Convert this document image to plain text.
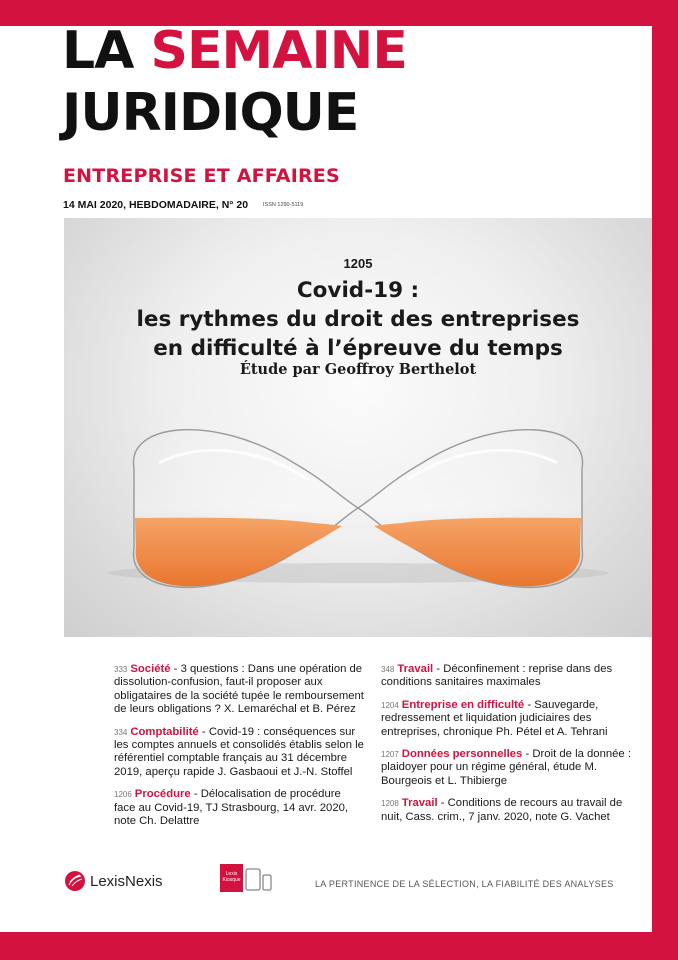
LA SEMAINE
JURIDIQUE
ENTREPRISE ET AFFAIRES
14 MAI 2020, HEBDOMADAIRE, N° 20	ISSN 1290-5119
1205
Covid-19 :
les rythmes du droit des entreprises
en difficulté à l’épreuve du temps
Étude par Geoffroy Berthelot
333 Société - 3 questions : Dans une opération de dissolution-confusion, faut-il proposer aux obligataires de la société tupée le remboursement de leurs obligations ? X. Lemaréchal et B. Pérez
334 Comptabilité - Covid-19 : conséquences sur les comptes annuels et consolidés établis selon le référentiel comptable français au 31 décembre 2019, aperçu rapide J. Gasbaoui et J.-N. Stoffel
1206 Procédure - Délocalisation de procédure face au Covid-19, TJ Strasbourg, 14 avr. 2020, note Ch. Delattre
348 Travail - Déconfinement : reprise dans des conditions sanitaires maximales
1204 Entreprise en difficulté - Sauvegarde, redressement et liquidation judiciaires des entreprises, chronique Ph. Pétel et A. Tehrani
1207 Données personnelles - Droit de la donnée : plaidoyer pour un régime général, étude M. Bourgeois et L. Thibierge
1208 Travail - Conditions de recours au travail de nuit, Cass. crim., 7 janv. 2020, note G. Vachet
LexisNexis	Lexis
Kiosque	LA PERTINENCE DE LA SÉLECTION, LA FIABILITÉ DES ANALYSES
